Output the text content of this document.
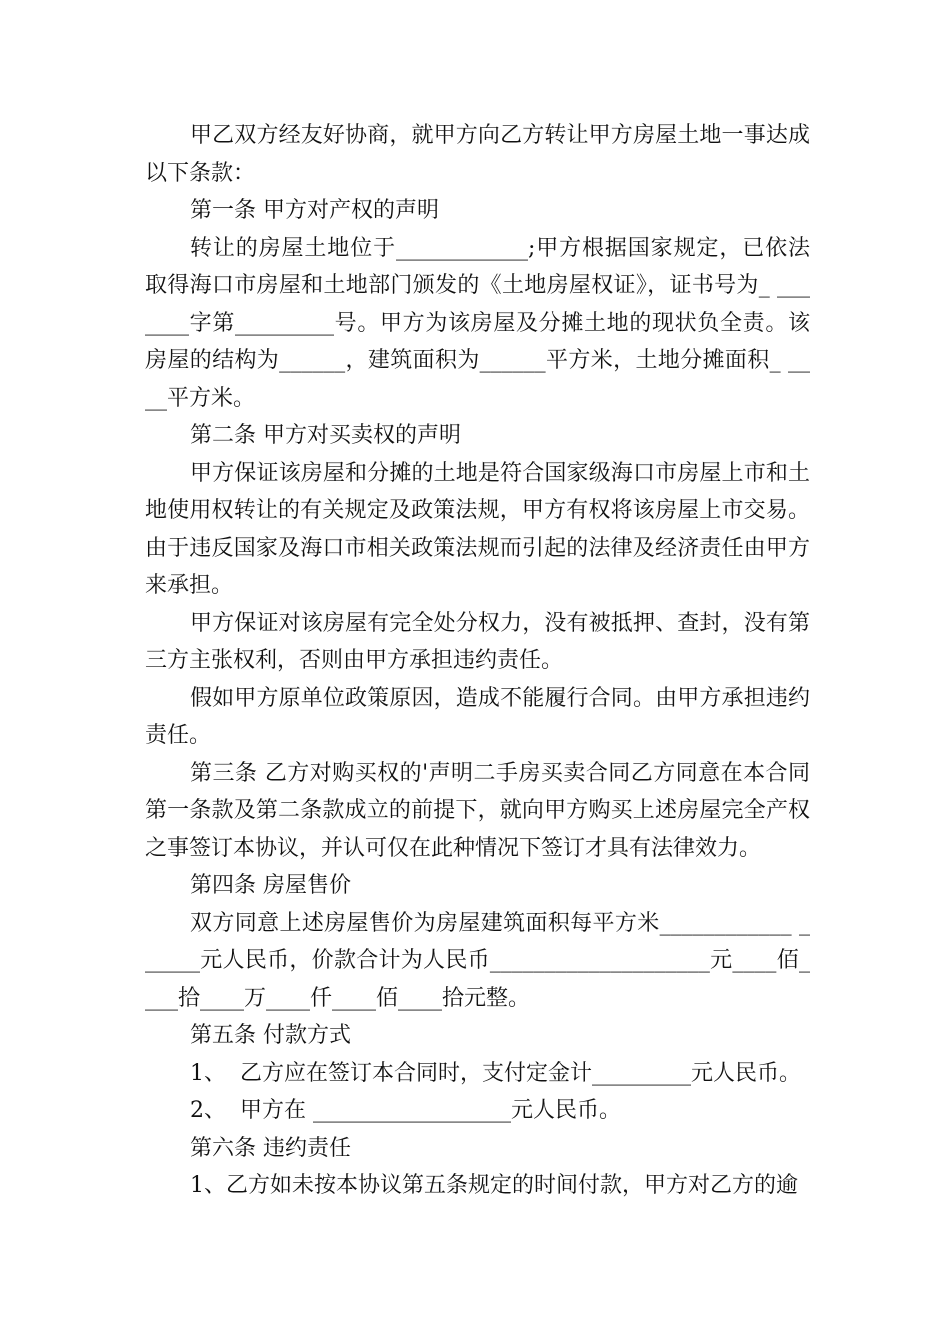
甲乙双方经友好协商，就甲方向乙方转让甲方房屋土地一事达成以下条款：

第一条 甲方对产权的声明

转让的房屋土地位于____________;甲方根据国家规定，已依法取得海口市房屋和土地部门颁发的《土地房屋权证》，证书号为_ _______字第_________号。甲方为该房屋及分摊土地的现状负全责。该房屋的结构为______，建筑面积为______平方米，土地分摊面积_ ____平方米。

第二条 甲方对买卖权的声明

甲方保证该房屋和分摊的土地是符合国家级海口市房屋上市和土地使用权转让的有关规定及政策法规，甲方有权将该房屋上市交易。由于违反国家及海口市相关政策法规而引起的法律及经济责任由甲方来承担。

甲方保证对该房屋有完全处分权力，没有被抵押、查封，没有第三方主张权利，否则由甲方承担违约责任。

假如甲方原单位政策原因，造成不能履行合同。由甲方承担违约责任。

第三条 乙方对购买权的'声明二手房买卖合同乙方同意在本合同第一条款及第二条款成立的前提下，就向甲方购买上述房屋完全产权之事签订本协议，并认可仅在此种情况下签订才具有法律效力。

第四条 房屋售价

双方同意上述房屋售价为房屋建筑面积每平方米____________ ______元人民币，价款合计为人民币____________________元____佰____拾____万____仟____佰____拾元整。

第五条 付款方式

1、  乙方应在签订本合同时，支付定金计_________元人民币。

2、  甲方在 __________________元人民币。

第六条 违约责任

1、乙方如未按本协议第五条规定的时间付款，甲方对乙方的逾
